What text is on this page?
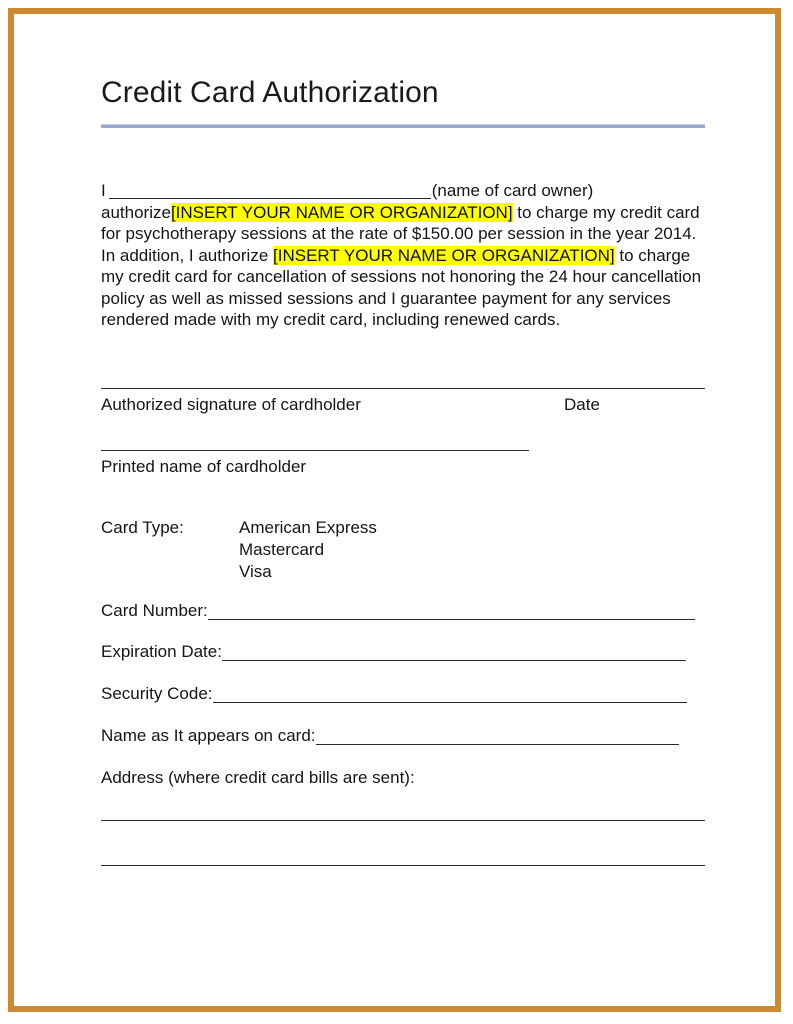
Credit Card Authorization

I	(name of card owner) authorize[INSERT YOUR NAME OR ORGANIZATION] to charge my credit card for psychotherapy sessions at the rate of $150.00 per session in the year 2014. In addition, I authorize [INSERT YOUR NAME OR ORGANIZATION] to charge my credit card for cancellation of sessions not honoring the 24 hour cancellation policy as well as missed sessions and I guarantee payment for any services rendered made with my credit card, including renewed cards.

Authorized signature of cardholder	Date
Printed name of cardholder
Card Type:	American Express
Mastercard
Visa
Card Number:
Expiration Date:
Security Code:
Name as It appears on card:
Address (where credit card bills are sent):
